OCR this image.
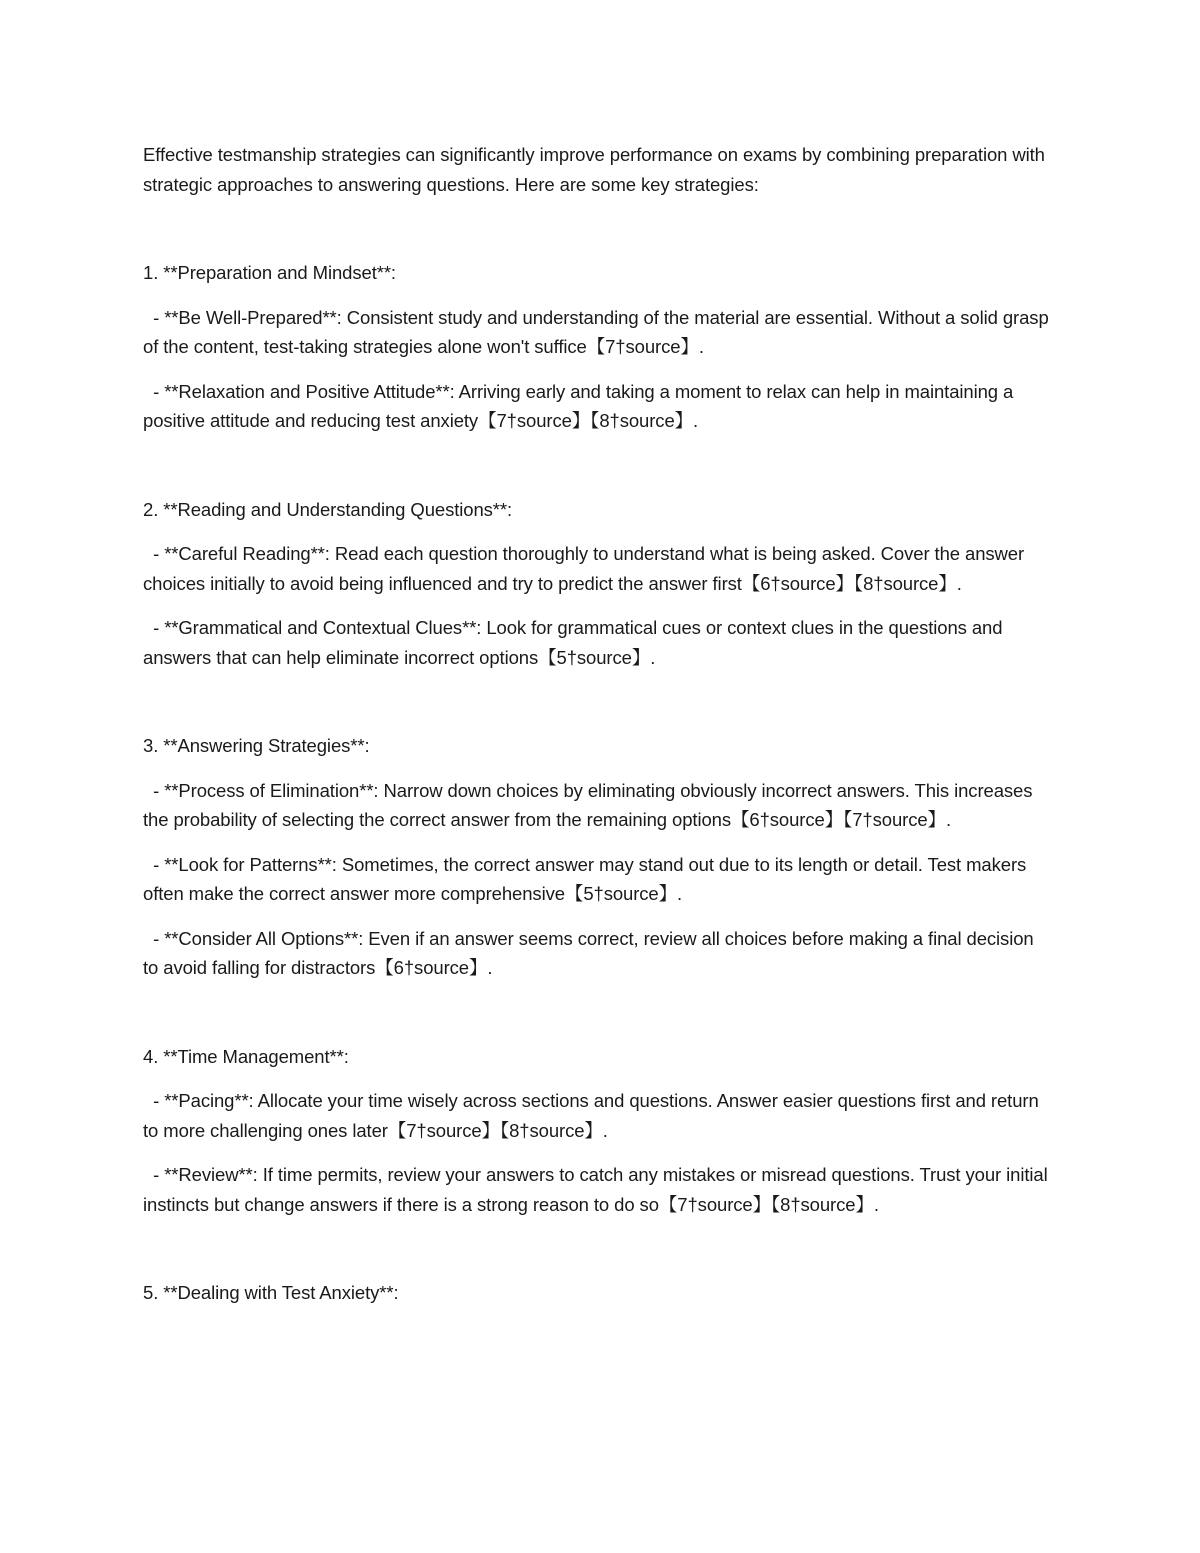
Effective testmanship strategies can significantly improve performance on exams by combining preparation with strategic approaches to answering questions. Here are some key strategies:

1. **Preparation and Mindset**:

- **Be Well-Prepared**: Consistent study and understanding of the material are essential. Without a solid grasp of the content, test-taking strategies alone won't suffice【7†source】.

- **Relaxation and Positive Attitude**: Arriving early and taking a moment to relax can help in maintaining a positive attitude and reducing test anxiety【7†source】【8†source】.

2. **Reading and Understanding Questions**:

- **Careful Reading**: Read each question thoroughly to understand what is being asked. Cover the answer choices initially to avoid being influenced and try to predict the answer first【6†source】【8†source】.

- **Grammatical and Contextual Clues**: Look for grammatical cues or context clues in the questions and answers that can help eliminate incorrect options【5†source】.

3. **Answering Strategies**:

- **Process of Elimination**: Narrow down choices by eliminating obviously incorrect answers. This increases the probability of selecting the correct answer from the remaining options【6†source】【7†source】.

- **Look for Patterns**: Sometimes, the correct answer may stand out due to its length or detail. Test makers often make the correct answer more comprehensive【5†source】.

- **Consider All Options**: Even if an answer seems correct, review all choices before making a final decision to avoid falling for distractors【6†source】.

4. **Time Management**:

- **Pacing**: Allocate your time wisely across sections and questions. Answer easier questions first and return to more challenging ones later【7†source】【8†source】.

- **Review**: If time permits, review your answers to catch any mistakes or misread questions. Trust your initial instincts but change answers if there is a strong reason to do so【7†source】【8†source】.

5. **Dealing with Test Anxiety**:
